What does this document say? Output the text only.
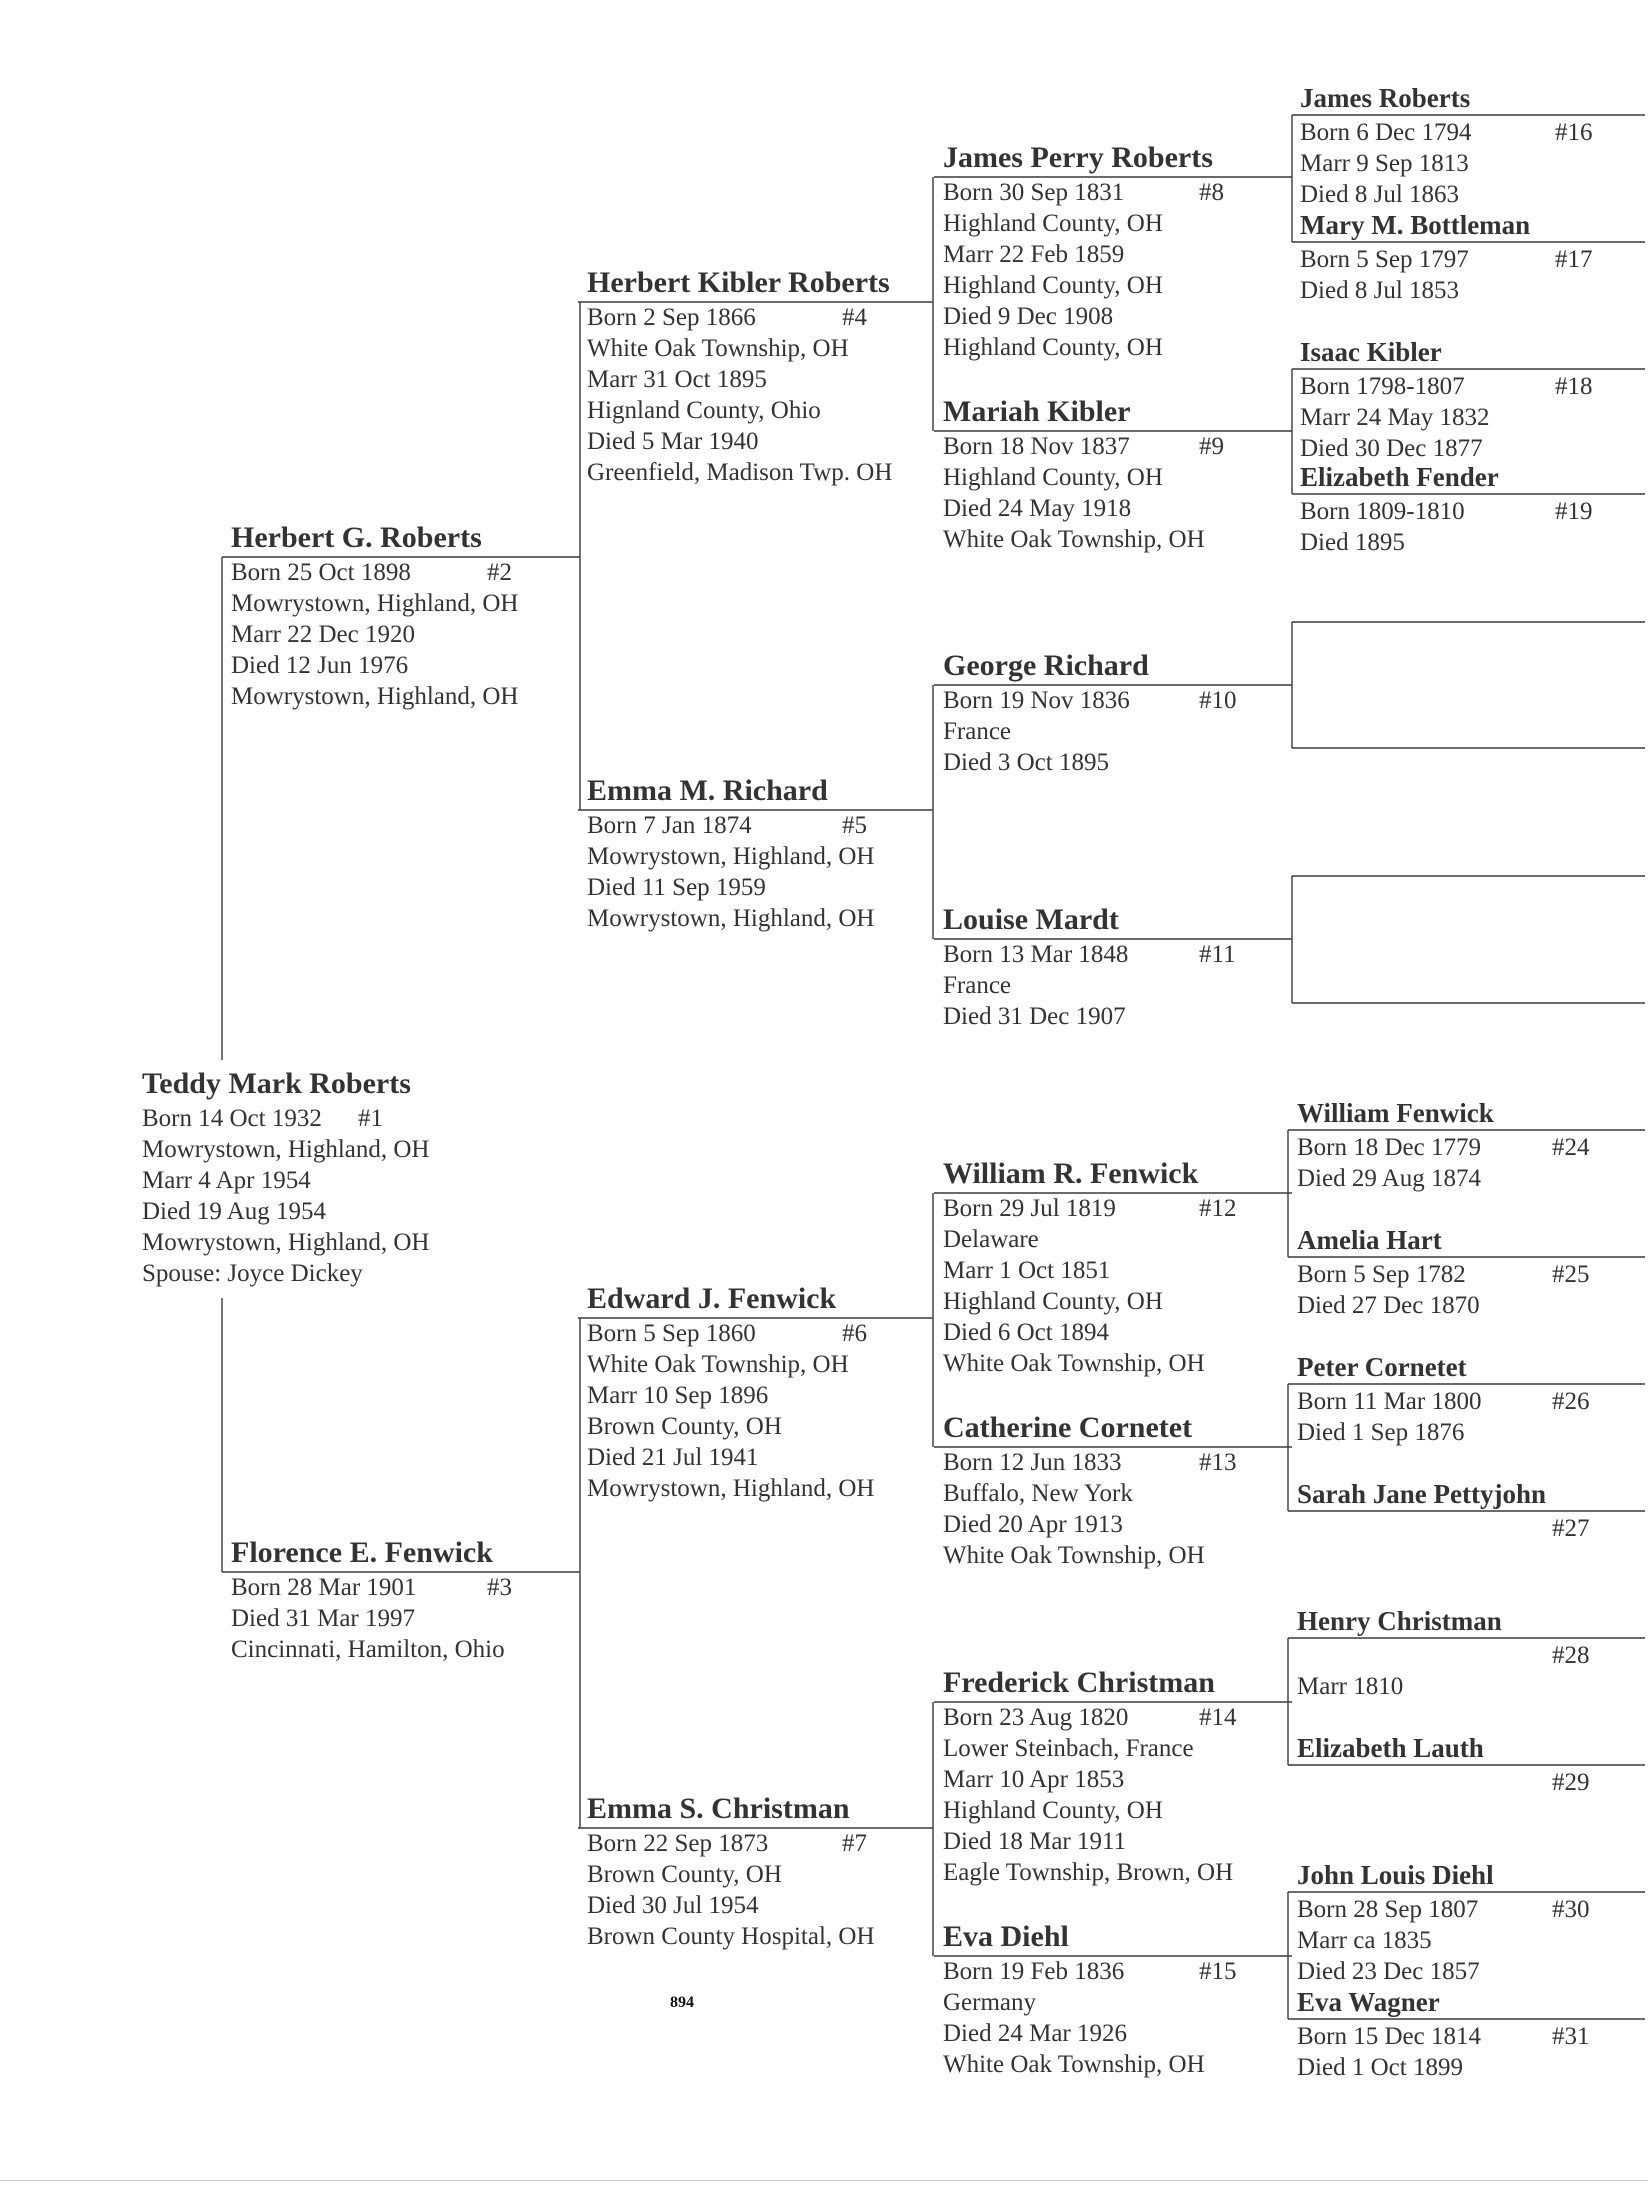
Teddy Mark Roberts
Born 14 Oct 1932
Mowrystown, Highland, OH
Marr 4 Apr 1954
Died 19 Aug 1954
Mowrystown, Highland, OH
Spouse: Joyce Dickey
#1
Herbert G. Roberts
Born 25 Oct 1898
Mowrystown, Highland, OH
Marr 22 Dec 1920
Died 12 Jun 1976
Mowrystown, Highland, OH
#2
Florence E. Fenwick
Born 28 Mar 1901
Died 31 Mar 1997
Cincinnati, Hamilton, Ohio
#3
Herbert Kibler Roberts
Born 2 Sep 1866
White Oak Township, OH
Marr 31 Oct 1895
Hignland County, Ohio
Died 5 Mar 1940
Greenfield, Madison Twp. OH
#4
Emma M. Richard
Born 7 Jan 1874
Mowrystown, Highland, OH
Died 11 Sep 1959
Mowrystown, Highland, OH
#5
Edward J. Fenwick
Born 5 Sep 1860
White Oak Township, OH
Marr 10 Sep 1896
Brown County, OH
Died 21 Jul 1941
Mowrystown, Highland, OH
#6
Emma S. Christman
Born 22 Sep 1873
Brown County, OH
Died 30 Jul 1954
Brown County Hospital, OH
#7
James Perry Roberts
Born 30 Sep 1831
Highland County, OH
Marr 22 Feb 1859
Highland County, OH
Died 9 Dec 1908
Highland County, OH
#8
Mariah Kibler
Born 18 Nov 1837
Highland County, OH
Died 24 May 1918
White Oak Township, OH
#9
George Richard
Born 19 Nov 1836
France
Died 3 Oct 1895
#10
Louise Mardt
Born 13 Mar 1848
France
Died 31 Dec 1907
#11
William R. Fenwick
Born 29 Jul 1819
Delaware
Marr 1 Oct 1851
Highland County, OH
Died 6 Oct 1894
White Oak Township, OH
#12
Catherine Cornetet
Born 12 Jun 1833
Buffalo, New York
Died 20 Apr 1913
White Oak Township, OH
#13
Frederick Christman
Born 23 Aug 1820
Lower Steinbach, France
Marr 10 Apr 1853
Highland County, OH
Died 18 Mar 1911
Eagle Township, Brown, OH
#14
Eva Diehl
Born 19 Feb 1836
Germany
Died 24 Mar 1926
White Oak Township, OH
#15
James Roberts
Born 6 Dec 1794
Marr 9 Sep 1813
Died 8 Jul 1863
#16
Mary M. Bottleman
Born 5 Sep 1797
Died 8 Jul 1853
#17
Isaac Kibler
Born 1798-1807
Marr 24 May 1832
Died 30 Dec 1877
#18
Elizabeth Fender
Born 1809-1810
Died 1895
#19
William Fenwick
Born 18 Dec 1779
Died 29 Aug 1874
#24
Amelia Hart
Born 5 Sep 1782
Died 27 Dec 1870
#25
Peter Cornetet
Born 11 Mar 1800
Died 1 Sep 1876
#26
Sarah Jane Pettyjohn
#27
Henry Christman
Marr 1810
#28
Elizabeth Lauth
#29
John Louis Diehl
Born 28 Sep 1807
Marr ca 1835
Died 23 Dec 1857
#30
Eva Wagner
Born 15 Dec 1814
Died 1 Oct 1899
#31
894
